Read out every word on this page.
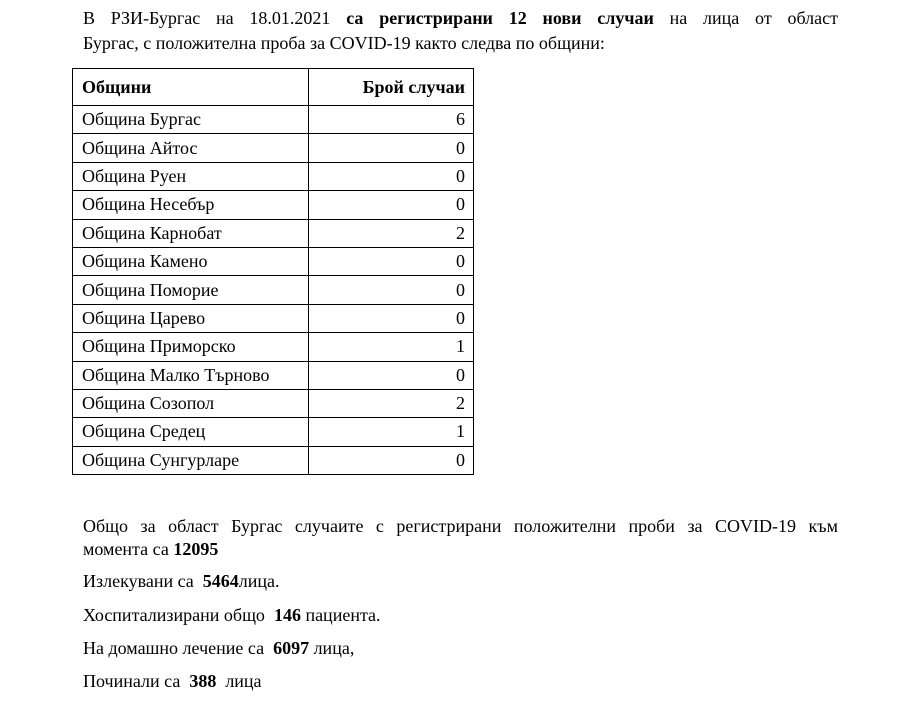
В РЗИ-Бургас на 18.01.2021 са регистрирани 12 нови случаи на лица от област
Бургас, с положителна проба за COVID-19 както следва по общини:

Общини	Брой случаи
Община Бургас	6
Община Айтос	0
Община Руен	0
Община Несебър	0
Община Карнобат	2
Община Камено	0
Община Поморие	0
Община Царево	0
Община Приморско	1
Община Малко Търново	0
Община Созопол	2
Община Средец	1
Община Сунгурларе	0

Общо за област Бургас случаите с регистрирани положителни проби за COVID-19 към
момента са 12095

Излекувани са  5464лица.

Хоспитализирани общо  146 пациента.

На домашно лечение са  6097 лица,

Починали са  388  лица
